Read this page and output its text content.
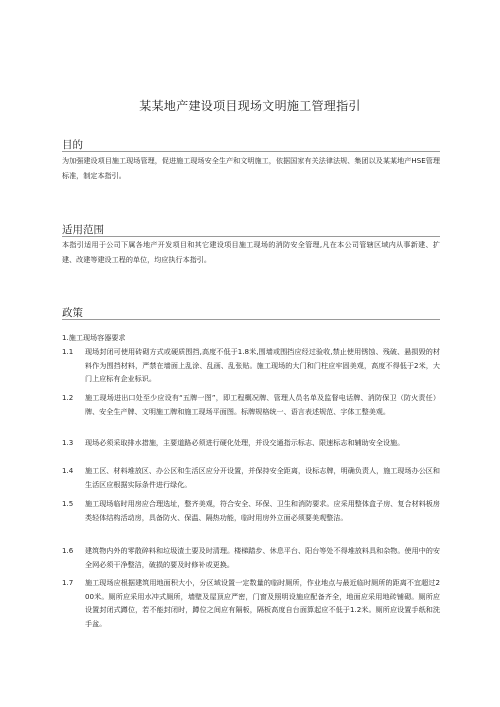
某某地产建设项目现场文明施工管理指引
目的
为加强建设项目施工现场管理，促进施工现场安全生产和文明施工，依据国家有关法律法规、集团以及某某地产HSE管理标准，制定本指引。
适用范围
本指引适用于公司下属各地产开发项目和其它建设项目施工现场的消防安全管理,凡在本公司管辖区域内从事新建、扩建、改建等建设工程的单位，均应执行本指引。
政策
1.施工现场容器要求
1.1	现场封闭可使用砖砌方式或硬质围挡,高度不低于1.8米,围墙或围挡应经过验收,禁止使用锈蚀、残破、悬损毁的材料作为围挡材料，严禁在墙面上乱涂、乱画、乱张贴。施工现场的大门和门柱应牢固美观，高度不得低于2米，大门上应标有企业标识。
1.2	施工现场进出口处至少应设有“五牌一图”，即工程概况牌、管理人员名单及监督电话牌、消防保卫（防火责任）牌、安全生产牌、文明施工牌和施工现场平面图。标牌规格统一、语言表述规范、字体工整美观。
1.3	现场必须采取排水措施，主要道路必须进行硬化处理，并设交通指示标志、限速标志和辅助安全设施。
1.4	施工区、材料堆放区、办公区和生活区应分开设置，并保持安全距离，设标志牌，明确负责人，施工现场办公区和生活区应根据实际条件进行绿化。
1.5	施工现场临时用房应合理选址，整齐美观，符合安全、环保、卫生和消防要求。应采用整体盒子房、复合材料板房类轻体结构活动房，具备防火、保温、隔热功能，临时用房外立面必须要美观整洁。
1.6	建筑物内外的零散碎料和垃圾渣土要及时清理。楼梯踏步、休息平台、阳台等处不得堆放料具和杂物。使用中的安全网必须干净整洁，破损的要及时修补或更换。
1.7	施工现场应根据建筑用地面积大小，分区域设置一定数量的临时厕所，作业地点与最近临时厕所的距离不宜超过200米。厕所应采用水冲式厕所，墙壁及屋顶应严密，门窗及照明设施应配备齐全，地面应采用地砖铺砌。厕所应设置封闭式蹲位，若不能封闭时，蹲位之间应有隔板，隔板高度自台面算起应不低于1.2米。厕所应设置手纸和洗手盆。
